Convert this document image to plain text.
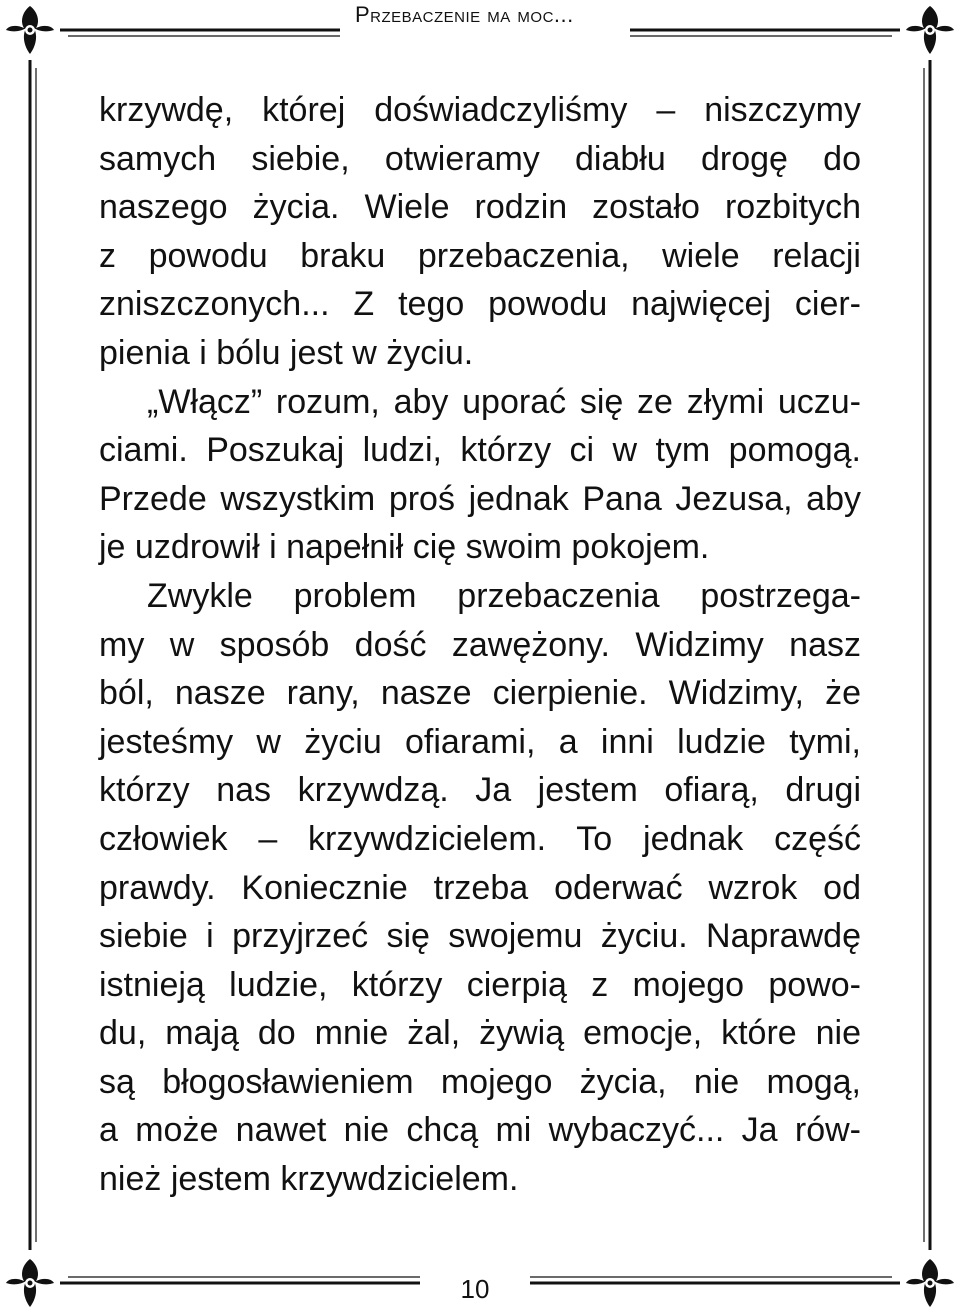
Przebaczenie ma moc...
krzywdę, której doświadczyliśmy – niszczymy
samych siebie, otwieramy diabłu drogę do
naszego życia. Wiele rodzin zostało rozbitych
z powodu braku przebaczenia, wiele relacji
zniszczonych... Z tego powodu najwięcej cier-
pienia i bólu jest w życiu.
„Włącz” rozum, aby uporać się ze złymi uczu-
ciami. Poszukaj ludzi, którzy ci w tym pomogą.
Przede wszystkim proś jednak Pana Jezusa, aby
je uzdrowił i napełnił cię swoim pokojem.
Zwykle problem przebaczenia postrzega-
my w sposób dość zawężony. Widzimy nasz
ból, nasze rany, nasze cierpienie. Widzimy, że
jesteśmy w życiu ofiarami, a inni ludzie tymi,
którzy nas krzywdzą. Ja jestem ofiarą, drugi
człowiek – krzywdzicielem. To jednak część
prawdy. Koniecznie trzeba oderwać wzrok od
siebie i przyjrzeć się swojemu życiu. Naprawdę
istnieją ludzie, którzy cierpią z mojego powo-
du, mają do mnie żal, żywią emocje, które nie
są błogosławieniem mojego życia, nie mogą,
a może nawet nie chcą mi wybaczyć... Ja rów-
nież jestem krzywdzicielem.
10
